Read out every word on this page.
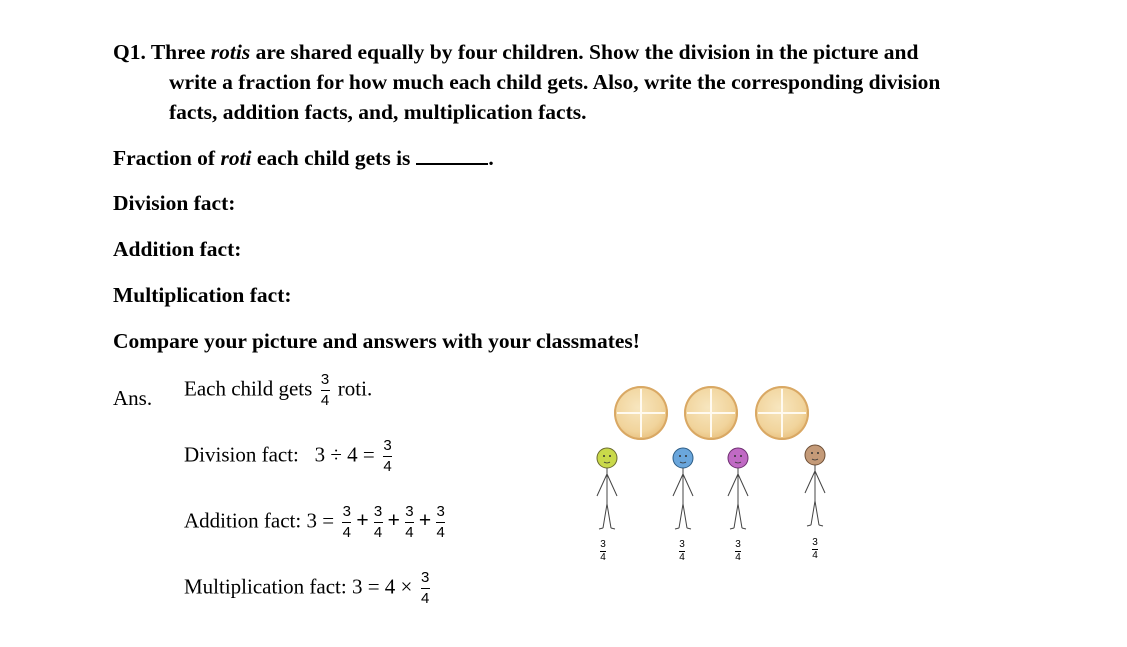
Q1. Three rotis are shared equally by four children. Show the division in the picture and
write a fraction for how much each child gets. Also, write the corresponding division
facts, addition facts, and, multiplication facts.
Fraction of roti each child gets is	.
Division fact:
Addition fact:
Multiplication fact:
Compare your picture and answers with your classmates!
Ans. Each child gets $\frac{3}{4}$ roti.
Division fact: $3 \div 4 = \frac{3}{4}$
Addition fact: $3 = \frac{3}{4} + \frac{3}{4} + \frac{3}{4} + \frac{3}{4}$
Multiplication fact: $3 = 4 \times \frac{3}{4}$
3
4
3
4
3
4
3
4
